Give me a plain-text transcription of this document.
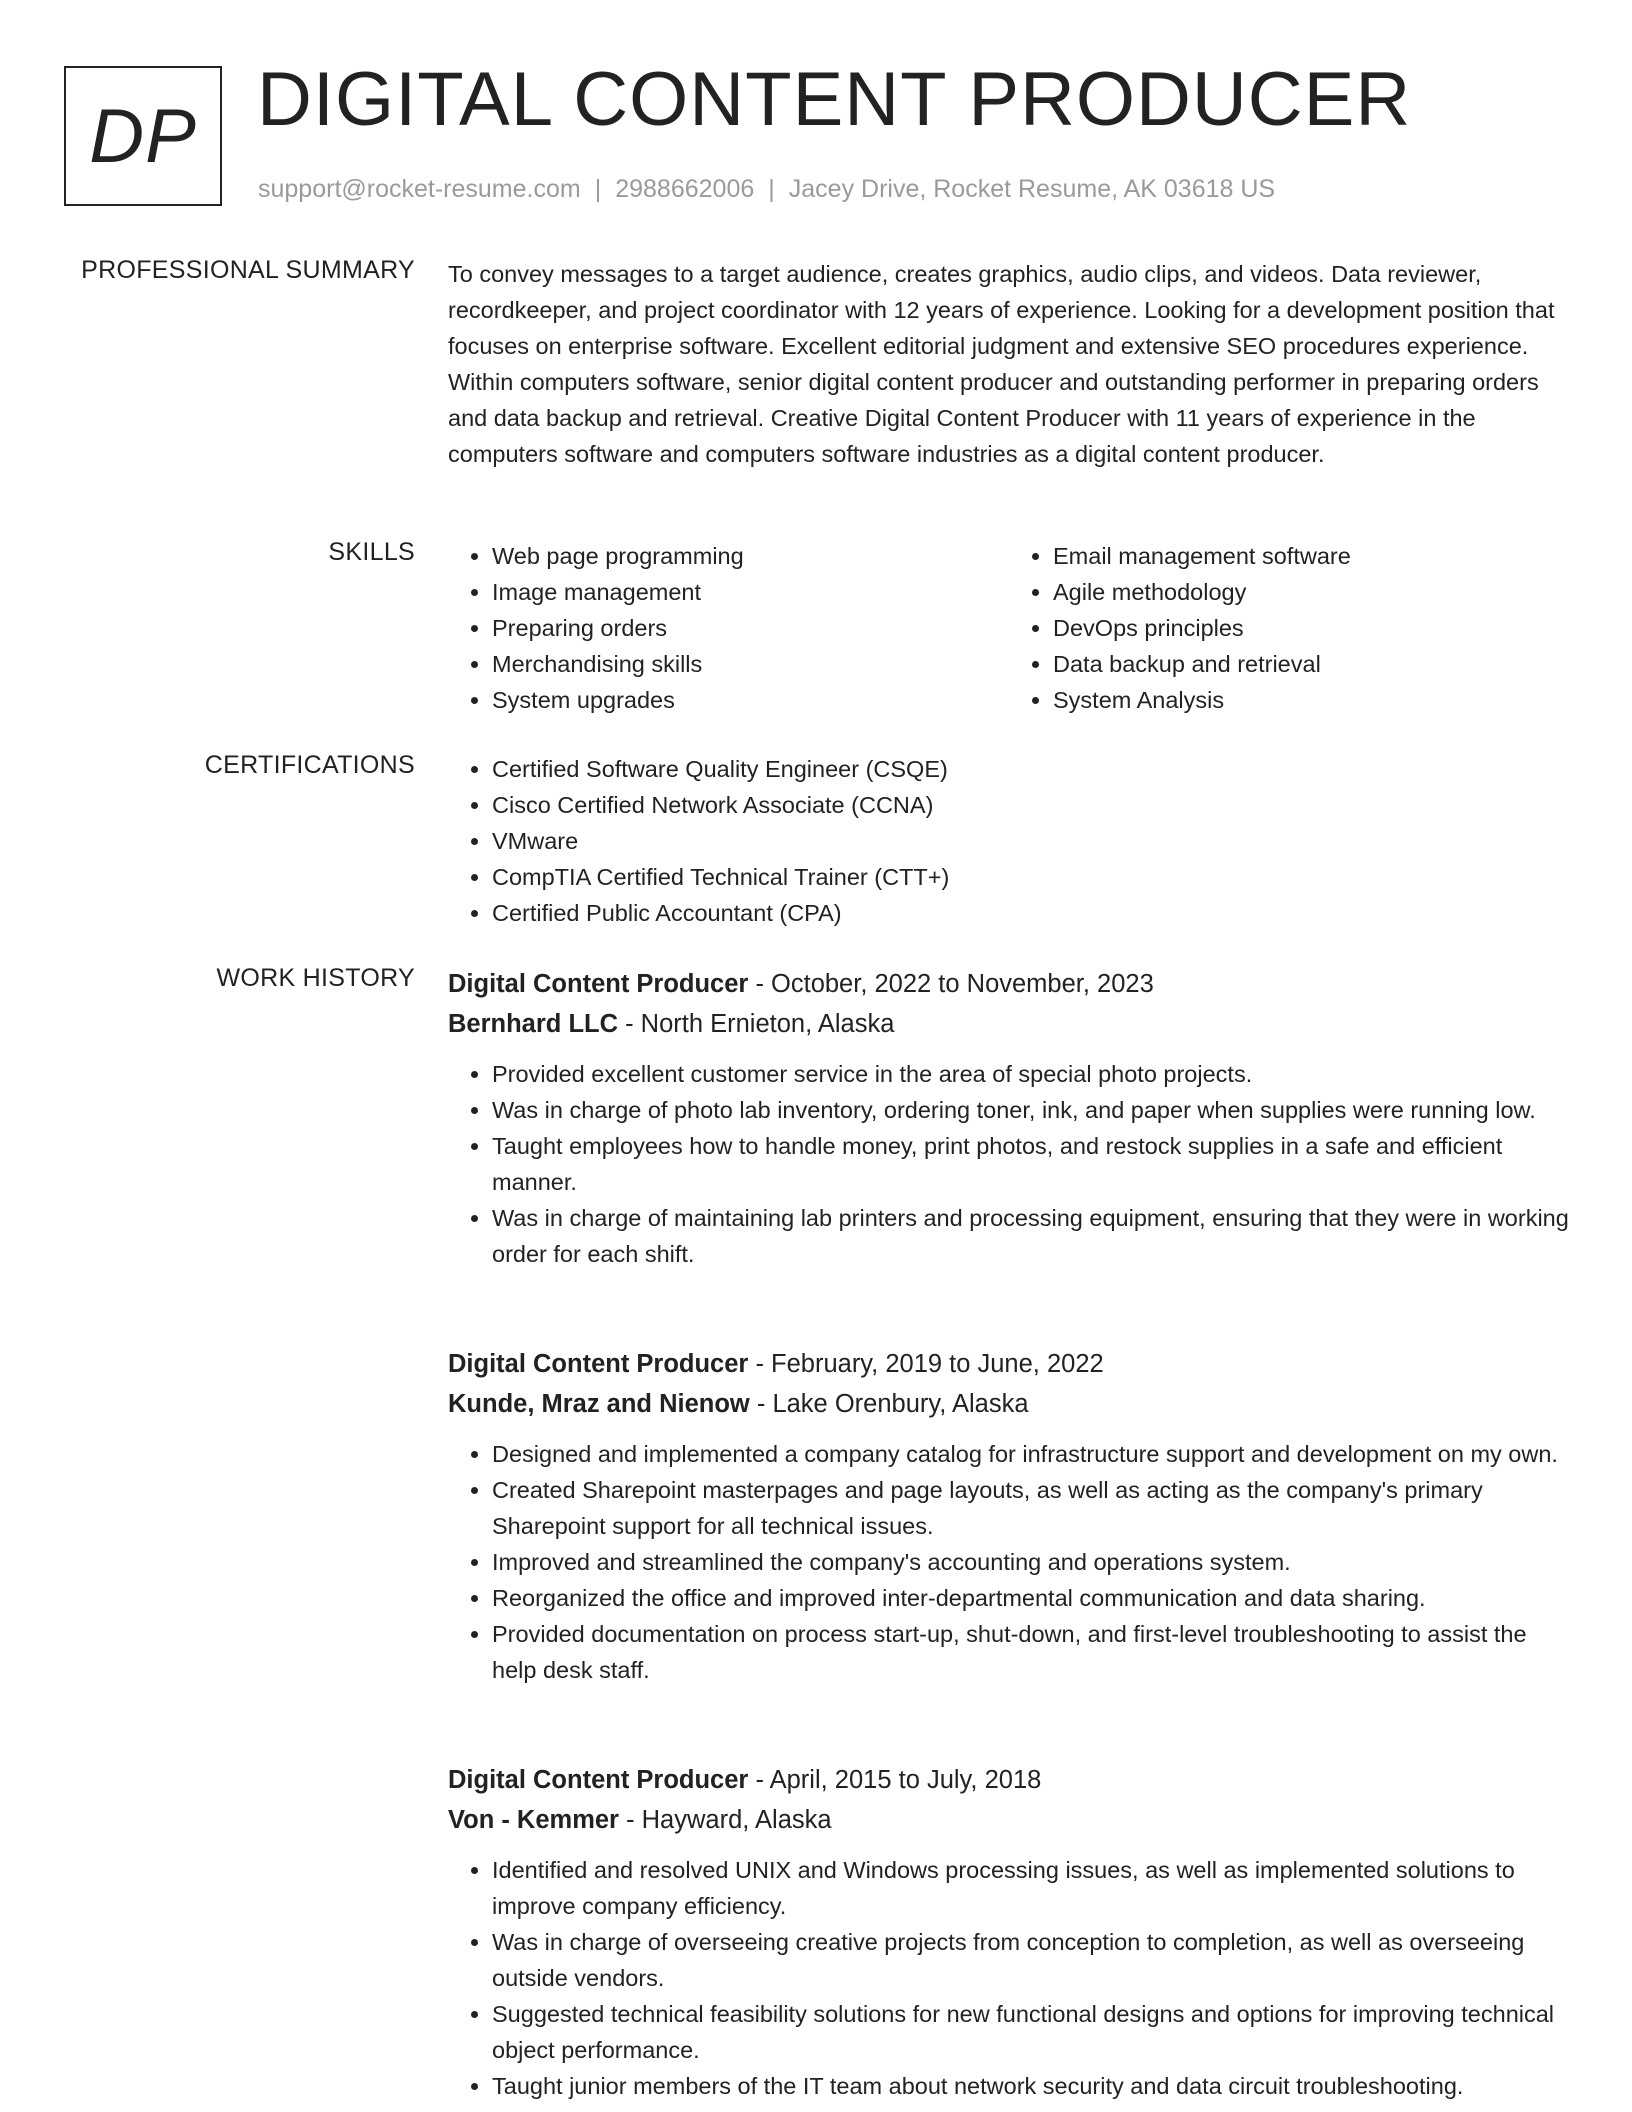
DP DIGITAL CONTENT PRODUCER
support@rocket-resume.com | 2988662006 | Jacey Drive, Rocket Resume, AK 03618 US
PROFESSIONAL SUMMARY To convey messages to a target audience, creates graphics, audio clips, and videos. Data reviewer, recordkeeper, and project coordinator with 12 years of experience. Looking for a development position that focuses on enterprise software. Excellent editorial judgment and extensive SEO procedures experience. Within computers software, senior digital content producer and outstanding performer in preparing orders and data backup and retrieval. Creative Digital Content Producer with 11 years of experience in the computers software and computers software industries as a digital content producer.

SKILLS	• Web page programming
• Image management
• Preparing orders
• Merchandising skills
• System upgrades
• Email management software
• Agile methodology
• DevOps principles
• Data backup and retrieval
• System Analysis
CERTIFICATIONS	• Certified Software Quality Engineer (CSQE)
• Cisco Certified Network Associate (CCNA)
• VMware
• CompTIA Certified Technical Trainer (CTT+)
• Certified Public Accountant (CPA)
WORK HISTORY Digital Content Producer - October, 2022 to November, 2023
Bernhard LLC - North Ernieton, Alaska
• Provided excellent customer service in the area of special photo projects.
• Was in charge of photo lab inventory, ordering toner, ink, and paper when supplies were running low.
• Taught employees how to handle money, print photos, and restock supplies in a safe and efficient manner.
• Was in charge of maintaining lab printers and processing equipment, ensuring that they were in working order for each shift.
Digital Content Producer - February, 2019 to June, 2022
Kunde, Mraz and Nienow - Lake Orenbury, Alaska
• Designed and implemented a company catalog for infrastructure support and development on my own.
• Created Sharepoint masterpages and page layouts, as well as acting as the company's primary Sharepoint support for all technical issues.
• Improved and streamlined the company's accounting and operations system.
• Reorganized the office and improved inter-departmental communication and data sharing.
• Provided documentation on process start-up, shut-down, and first-level troubleshooting to assist the help desk staff.
Digital Content Producer - April, 2015 to July, 2018
Von - Kemmer - Hayward, Alaska
• Identified and resolved UNIX and Windows processing issues, as well as implemented solutions to improve company efficiency.
• Was in charge of overseeing creative projects from conception to completion, as well as overseeing outside vendors.
• Suggested technical feasibility solutions for new functional designs and options for improving technical object performance.
• Taught junior members of the IT team about network security and data circuit troubleshooting.
